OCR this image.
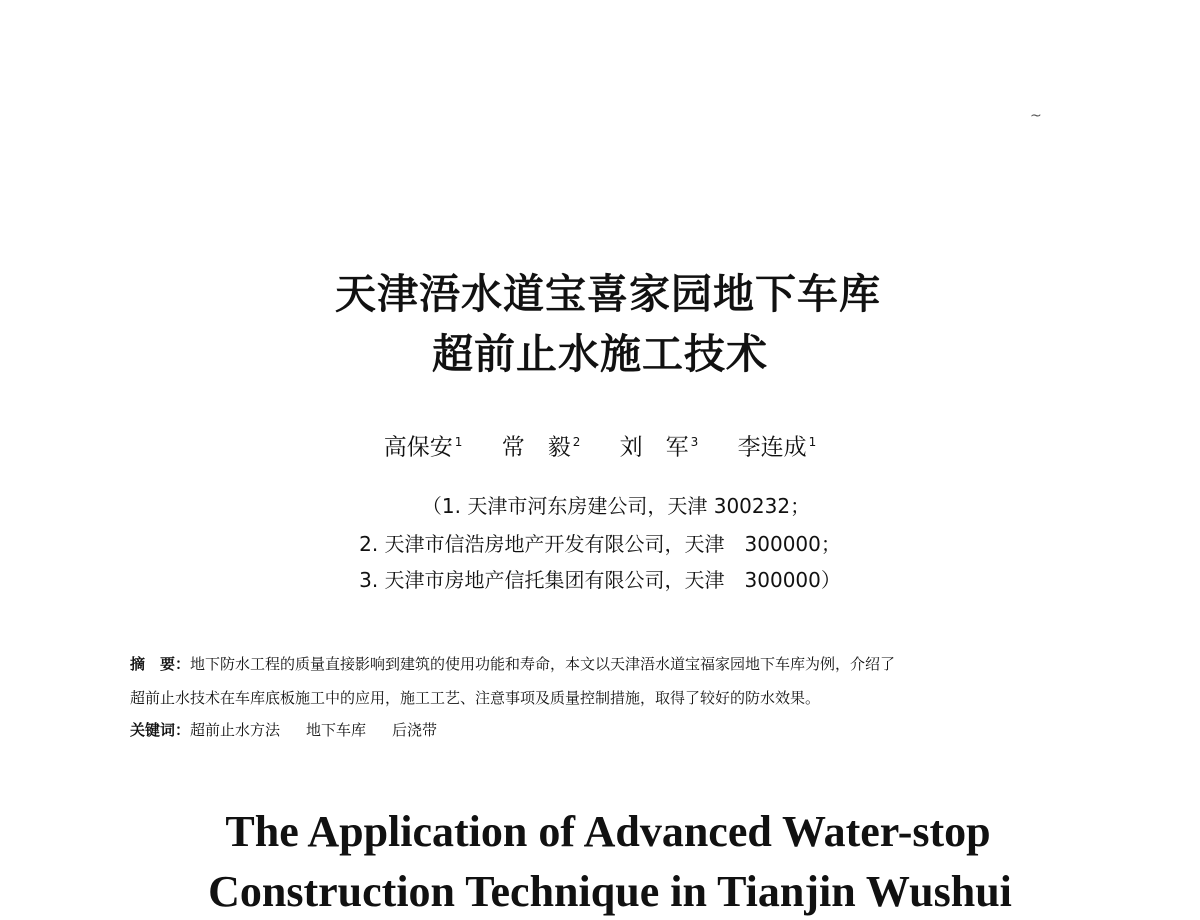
~
天津浯水道宝喜家园地下车库
超前止水施工技术
高保安 $^1$ 常　毅 $^2$ 刘　军 $^3$ 李连成 $^1$
（1. 天津市河东房建公司，天津 300232；
2. 天津市信浩房地产开发有限公司，天津　300000；
3. 天津市房地产信托集团有限公司，天津　300000）
摘　要：地下防水工程的质量直接影响到建筑的使用功能和寿命，本文以天津浯水道宝福家园地下车库为例，介绍了
超前止水技术在车库底板施工中的应用，施工工艺、注意事项及质量控制措施，取得了较好的防水效果。
关键词：超前止水方法 地下车库 后浇带
The Application of Advanced Water-stop
Construction Technique in Tianjin Wushui
